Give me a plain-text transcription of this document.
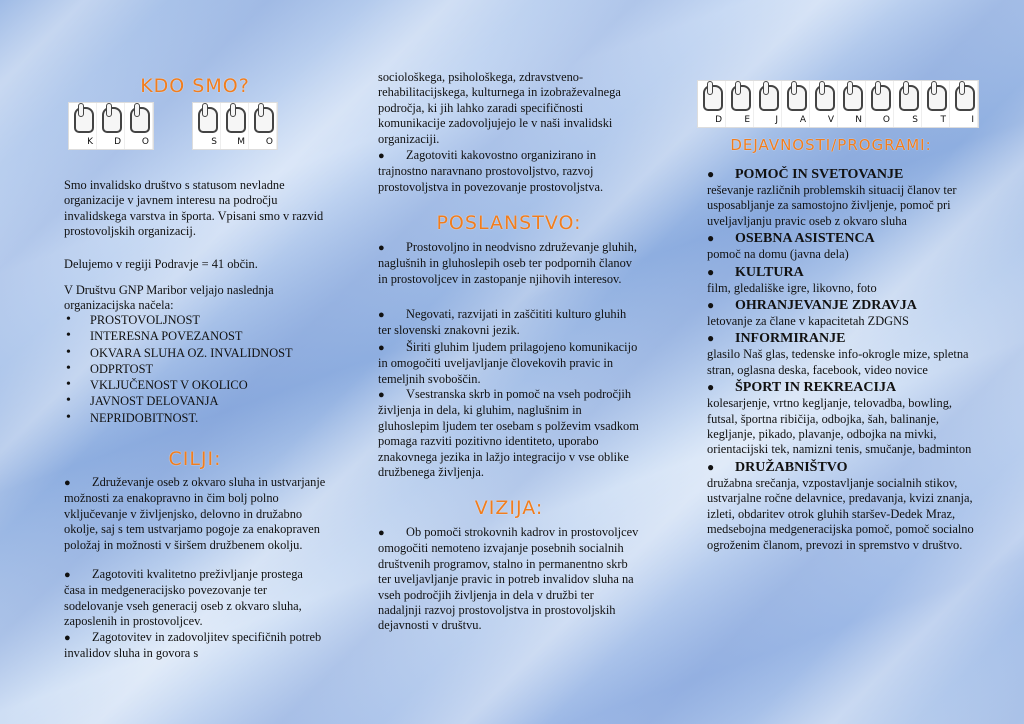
KDO SMO?
K D O	S M O

Smo invalidsko društvo s statusom nevladne organizacije v javnem interesu na področju invalidskega varstva in športa. Vpisani smo v razvid prostovoljskih organizacij.

Delujemo v regiji Podravje = 41 občin.

V Društvu GNP Maribor veljajo naslednja organizacijska načela:

• PROSTOVOLJNOST
• INTERESNA POVEZANOST
• OKVARA SLUHA OZ. INVALIDNOST
• ODPRTOST
• VKLJUČENOST V OKOLICO
• JAVNOST DELOVANJA
• NEPRIDOBITNOST.
CILJI:
● Združevanje oseb z okvaro sluha in ustvarjanje možnosti za enakopravno in čim bolj polno vključevanje v življenjsko, delovno in družabno okolje, saj s tem ustvarjamo pogoje za enakopraven položaj in možnosti v širšem družbenem okolju.
● Zagotoviti kvalitetno preživljanje prostega časa in medgeneracijsko povezovanje ter sodelovanje vseh generacij oseb z okvaro sluha, zaposlenih in prostovoljcev.
● Zagotovitev in zadovoljitev specifičnih potreb invalidov sluha in govora s

sociološkega, psihološkega, zdravstveno-rehabilitacijskega, kulturnega in izobraževalnega področja, ki jih lahko zaradi specifičnosti komunikacije zadovoljujejo le v naši invalidski organizaciji.

● Zagotoviti kakovostno organizirano in trajnostno naravnano prostovoljstvo, razvoj prostovoljstva in povezovanje prostovoljstva.
POSLANSTVO:
● Prostovoljno in neodvisno združevanje gluhih, naglušnih in gluhoslepih oseb ter podpornih članov in prostovoljcev in zastopanje njihovih interesov.
● Negovati, razvijati in zaščititi kulturo gluhih ter slovenski znakovni jezik.
● Širiti gluhim ljudem prilagojeno komunikacijo in omogočiti uveljavljanje človekovih pravic in temeljnih svoboščin.
● Vsestranska skrb in pomoč na vseh področjih življenja in dela, ki gluhim, naglušnim in gluhoslepim ljudem ter osebam s polževim vsadkom pomaga razviti pozitivno identiteto, uporabo znakovnega jezika in lažjo integracijo v vse oblike družbenega življenja.
VIZIJA:
● Ob pomoči strokovnih kadrov in prostovoljcev omogočiti nemoteno izvajanje posebnih socialnih društvenih programov, stalno in permanentno skrb ter uveljavljanje pravic in potreb invalidov sluha na vseh področjih življenja in dela v družbi ter nadaljnji razvoj prostovoljstva in prostovoljskih dejavnosti v društvu.
D E	J A V N O S	T	I
DEJAVNOSTI/PROGRAMI:
● POMOČ IN SVETOVANJE
reševanje različnih problemskih situacij članov ter usposabljanje za samostojno življenje, pomoč pri uveljavljanju pravic oseb z okvaro sluha
● OSEBNA ASISTENCA
pomoč na domu (javna dela)
● KULTURA
film, gledališke igre, likovno, foto
● OHRANJEVANJE ZDRAVJA
letovanje za člane v kapacitetah ZDGNS
● INFORMIRANJE
glasilo Naš glas, tedenske info-okrogle mize, spletna stran, oglasna deska, facebook, video novice
● ŠPORT IN REKREACIJA
kolesarjenje, vrtno kegljanje, telovadba, bowling, futsal, športna ribičija, odbojka, šah, balinanje, kegljanje, pikado, plavanje, odbojka na mivki, orientacijski tek, namizni tenis, smučanje, badminton
● DRUŽABNIŠTVO
družabna srečanja, vzpostavljanje socialnih stikov, ustvarjalne ročne delavnice, predavanja, kvizi znanja, izleti, obdaritev otrok gluhih staršev-Dedek Mraz, medsebojna medgeneracijska pomoč, pomoč socialno ogroženim članom, prevozi in spremstvo v društvo.
